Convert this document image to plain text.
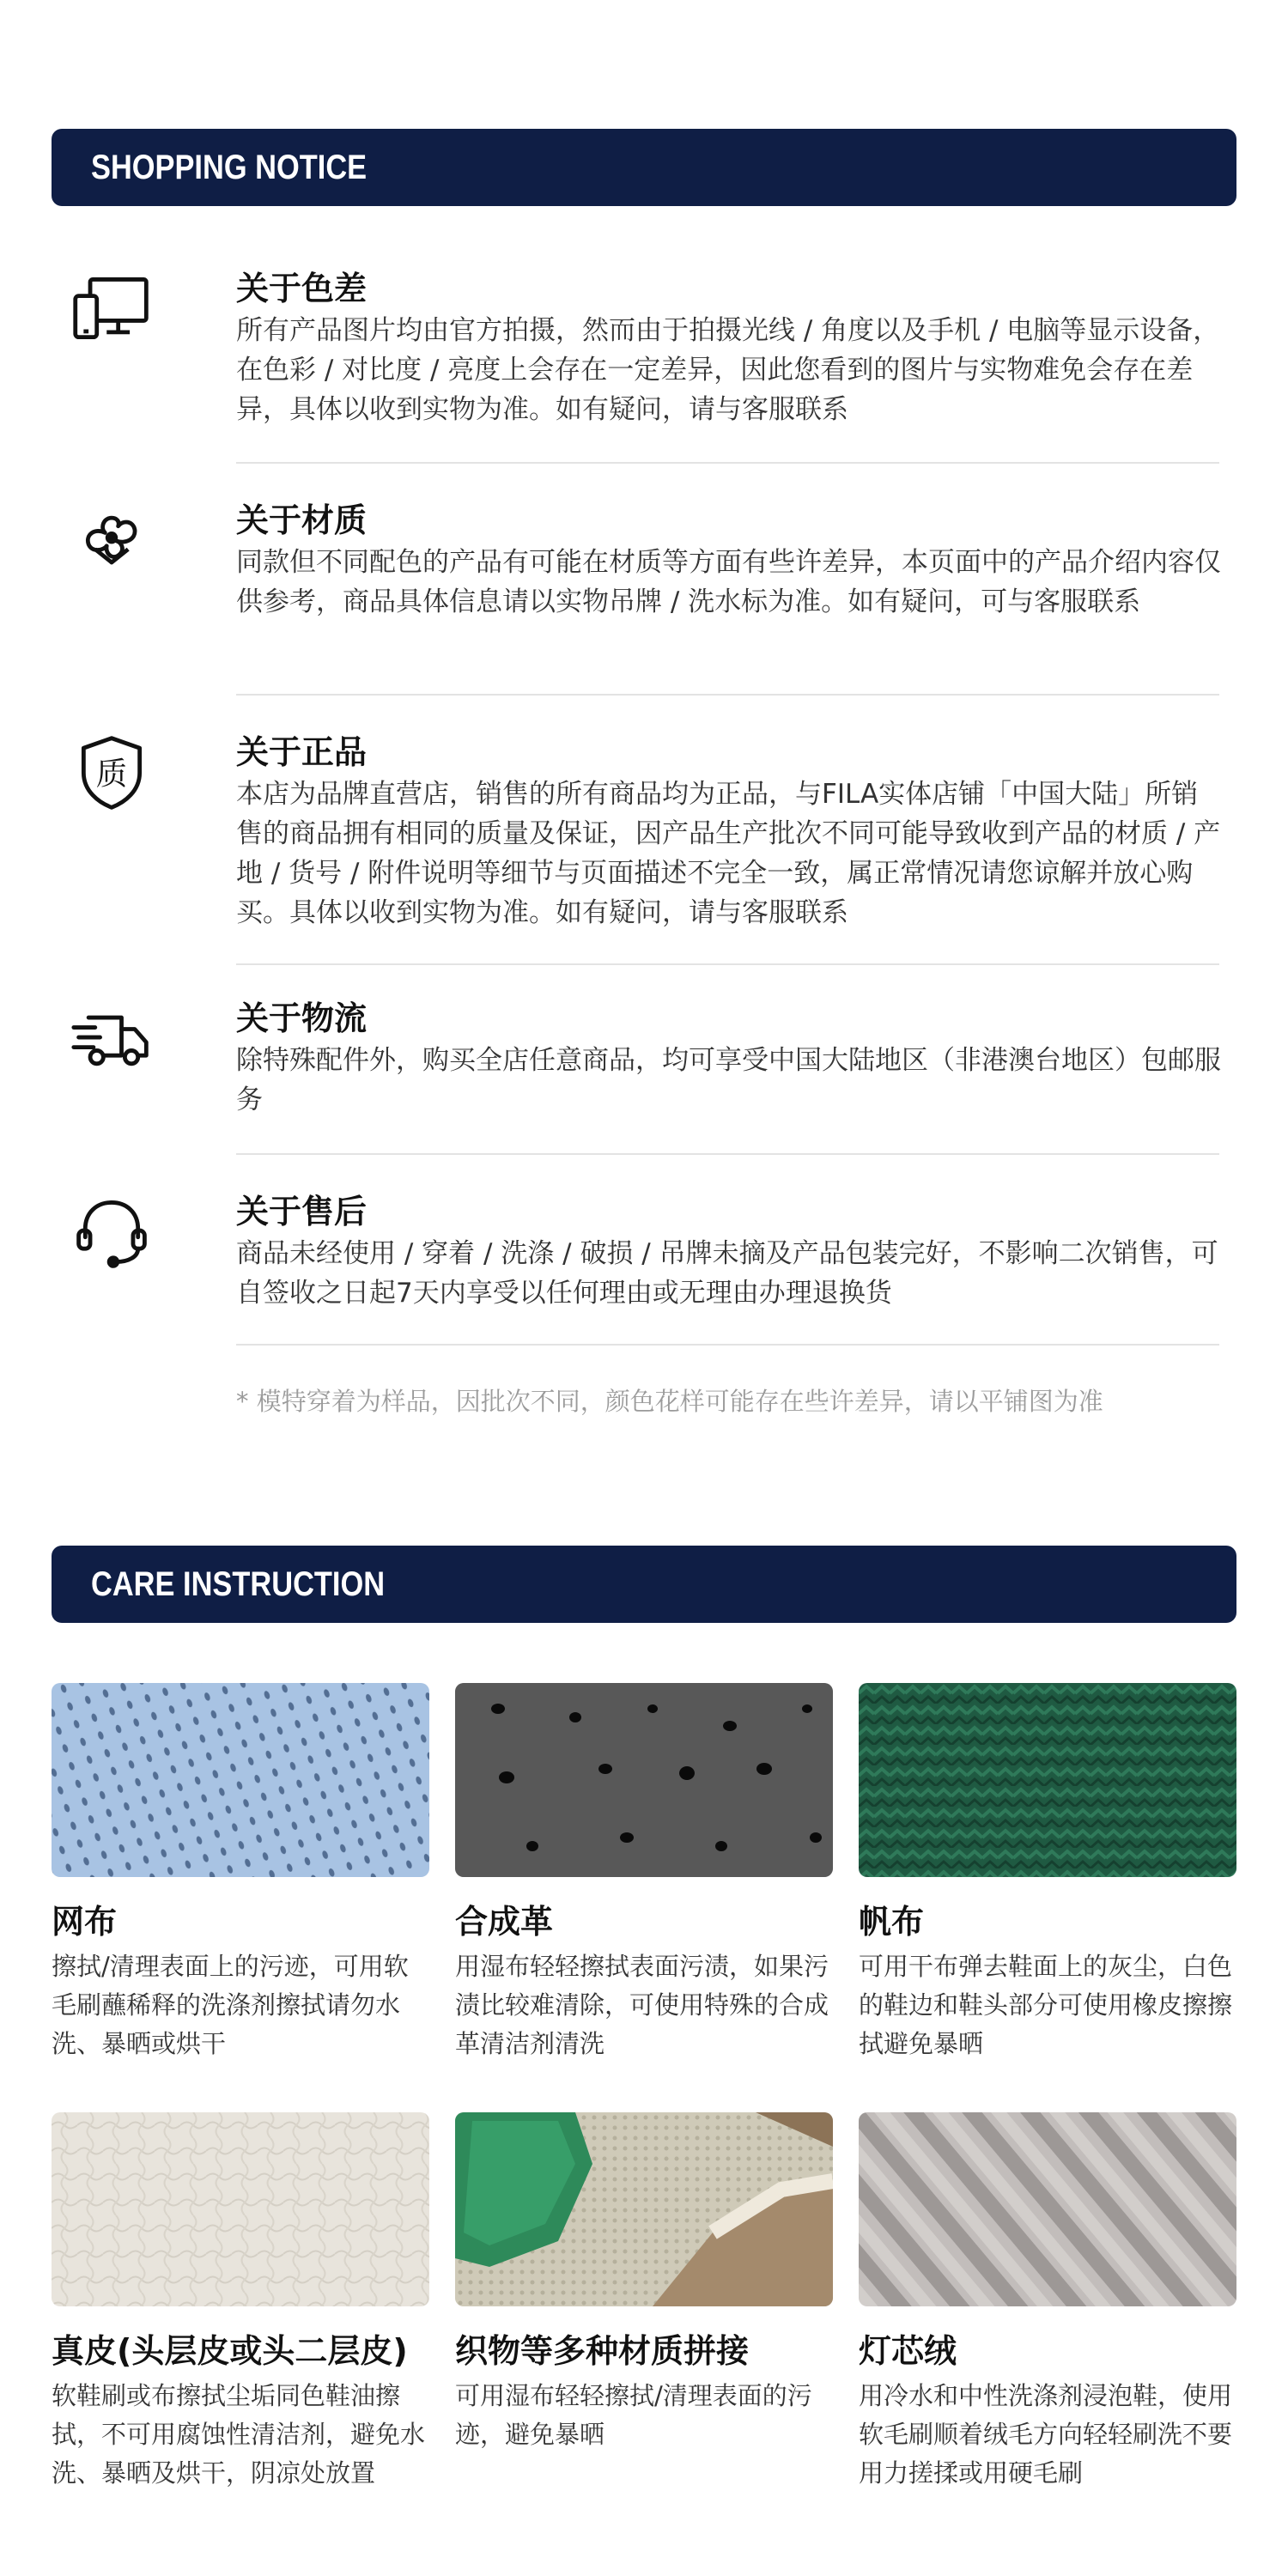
SHOPPING NOTICE
关于色差
所有产品图片均由官方拍摄，然而由于拍摄光线 / 角度以及手机 / 电脑等显示设备，在色彩 / 对比度 / 亮度上会存在一定差异，因此您看到的图片与实物难免会存在差异，具体以收到实物为准。如有疑问，请与客服联系
关于材质
同款但不同配色的产品有可能在材质等方面有些许差异，本页面中的产品介绍内容仅供参考，商品具体信息请以实物吊牌 / 洗水标为准。如有疑问，可与客服联系
质
关于正品
本店为品牌直营店，销售的所有商品均为正品，与FILA实体店铺「中国大陆」所销售的商品拥有相同的质量及保证，因产品生产批次不同可能导致收到产品的材质 / 产地 / 货号 / 附件说明等细节与页面描述不完全一致，属正常情况请您谅解并放心购买。具体以收到实物为准。如有疑问，请与客服联系
关于物流
除特殊配件外，购买全店任意商品，均可享受中国大陆地区（非港澳台地区）包邮服务
关于售后
商品未经使用 / 穿着 / 洗涤 / 破损 / 吊牌未摘及产品包装完好，不影响二次销售，可自签收之日起7天内享受以任何理由或无理由办理退换货
* 模特穿着为样品，因批次不同，颜色花样可能存在些许差异，请以平铺图为准
CARE INSTRUCTION
网布
擦拭/清理表面上的污迹，可用软毛刷蘸稀释的洗涤剂擦拭请勿水洗、暴晒或烘干
合成革
用湿布轻轻擦拭表面污渍，如果污渍比较难清除，可使用特殊的合成革清洁剂清洗
帆布
可用干布弹去鞋面上的灰尘，白色的鞋边和鞋头部分可使用橡皮擦擦拭避免暴晒
真皮(头层皮或头二层皮)
软鞋刷或布擦拭尘垢同色鞋油擦拭，不可用腐蚀性清洁剂，避免水洗、暴晒及烘干，阴凉处放置
织物等多种材质拼接
可用湿布轻轻擦拭/清理表面的污迹，避免暴晒
灯芯绒
用冷水和中性洗涤剂浸泡鞋，使用软毛刷顺着绒毛方向轻轻刷洗不要用力搓揉或用硬毛刷
